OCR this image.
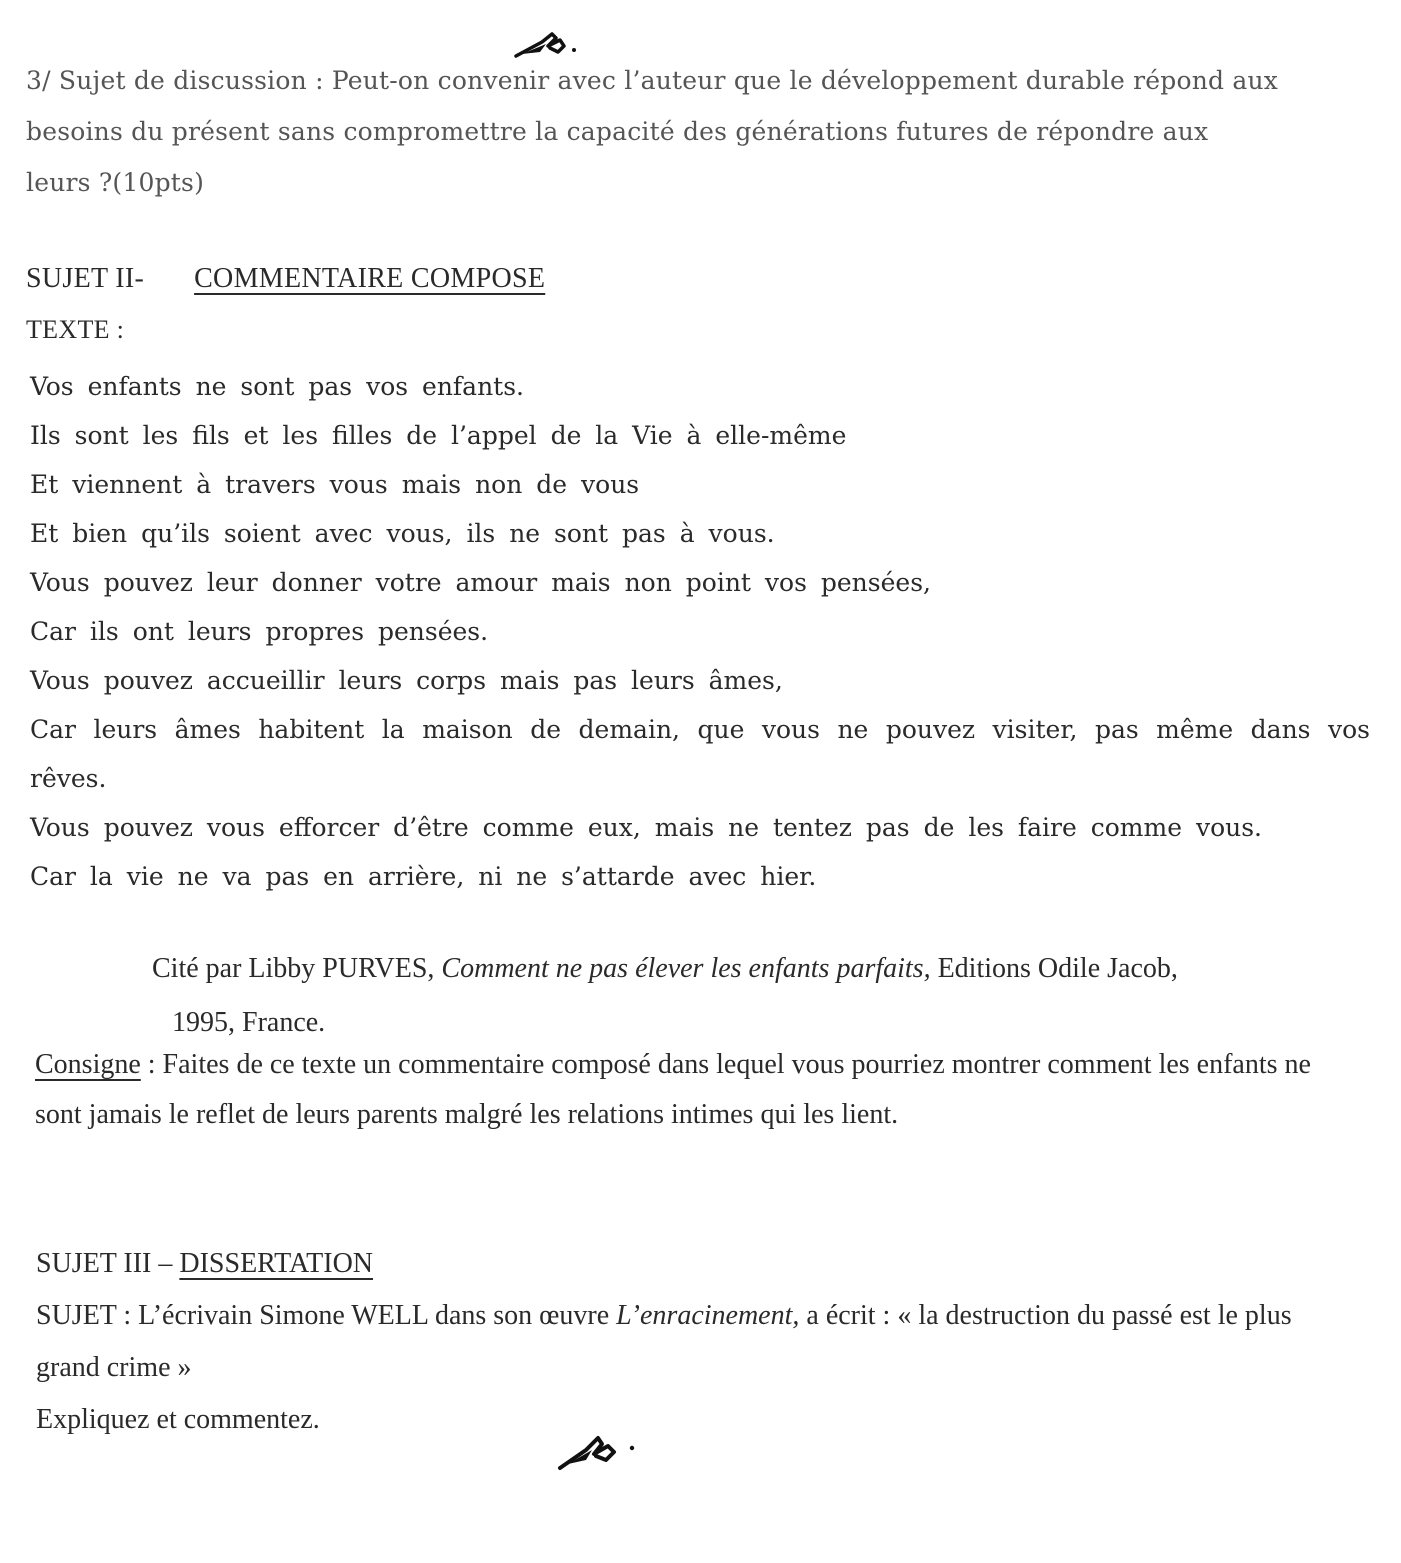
3/ Sujet de discussion : Peut-on convenir avec l’auteur que le développement durable répond aux
besoins du présent sans compromettre la capacité des générations futures de répondre aux
leurs ?(10pts)
SUJET II- COMMENTAIRE COMPOSE
TEXTE :
Vos enfants ne sont pas vos enfants.
Ils sont les fils et les filles de l’appel de la Vie à elle-même
Et viennent à travers vous mais non de vous
Et bien qu’ils soient avec vous, ils ne sont pas à vous.
Vous pouvez leur donner votre amour mais non point vos pensées,
Car ils ont leurs propres pensées.
Vous pouvez accueillir leurs corps mais pas leurs âmes,
Car leurs âmes habitent la maison de demain, que vous ne pouvez visiter, pas même dans vos rêves.
Vous pouvez vous efforcer d’être comme eux, mais ne tentez pas de les faire comme vous.
Car la vie ne va pas en arrière, ni ne s’attarde avec hier.
Cité par Libby PURVES, Comment ne pas élever les enfants parfaits, Editions Odile Jacob,
1995, France.
Consigne : Faites de ce texte un commentaire composé dans lequel vous pourriez montrer comment les enfants ne sont jamais le reflet de leurs parents malgré les relations intimes qui les lient.
SUJET III – DISSERTATION
SUJET : L’écrivain Simone WELL dans son œuvre L’enracinement, a écrit : « la destruction du passé est le plus grand crime »
Expliquez et commentez.
